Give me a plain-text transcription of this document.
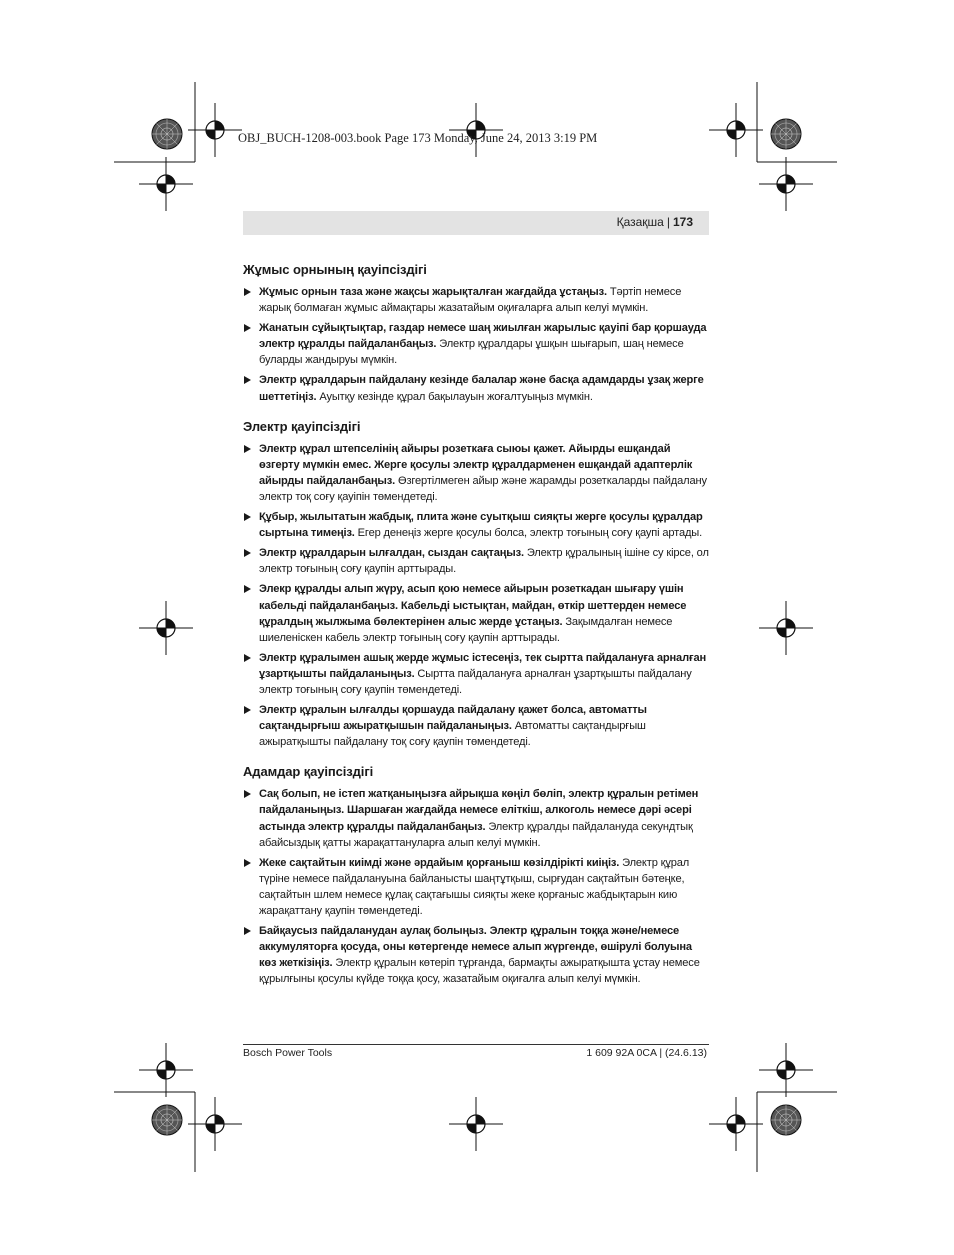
OBJ_BUCH-1208-003.book Page 173 Monday, June 24, 2013 3:19 PM
Қазақша | 173
Жұмыс орнының қауіпсіздігі
Жұмыс орнын таза және жақсы жарықталған жағдайда ұстаңыз. Тәртіп немесе жарық болмаған жұмыс аймақтары жазатайым оқиғаларға алып келуі мүмкін.
Жанатын сұйықтықтар, газдар немесе шаң жиылған жарылыс қауіпі бар қоршауда электр құралды пайдаланбаңыз. Электр құралдары ұшқын шығарып, шаң немесе буларды жандыруы мүмкін.
Электр құралдарын пайдалану кезінде балалар және басқа адамдарды ұзақ жерге шеттетіңіз. Ауытқу кезінде құрал бақылауын жоғалтуыңыз мүмкін.
Электр қауіпсіздігі
Электр құрал штепселінің айыры розеткаға сыюы қажет. Айырды ешқандай өзгерту мүмкін емес. Жерге қосулы электр құралдарменен ешқандай адаптерлік айырды пайдаланбаңыз. Өзгертілмеген айыр және жарамды розеткаларды пайдалану электр тоқ соғу қауіпін төмендетеді.
Құбыр, жылытатын жабдық, плита және суытқыш сияқты жерге қосулы құралдар сыртына тимеңіз. Егер денеңіз жерге қосулы болса, электр тоғының соғу қаупі артады.
Электр құралдарын ылғалдан, сыздан сақтаңыз. Электр құралының ішіне су кірсе, ол электр тоғының соғу қаупін арттырады.
Элекр құралды алып жүру, асып қою немесе айырын розеткадан шығару үшін кабельді пайдаланбаңыз. Кабельді ыстықтан, майдан, өткір шеттерден немесе құралдың жылжыма бөлектерінен алыс жерде ұстаңыз. Зақымдалған немесе шиеленіскен кабель электр тоғының соғу қаупін арттырады.
Электр құралымен ашық жерде жұмыс істесеңіз, тек сыртта пайдалануға арналған ұзартқышты пайдаланыңыз. Сыртта пайдалануға арналған ұзартқышты пайдалану электр тоғының соғу қаупін төмендетеді.
Электр құралын ылғалды қоршауда пайдалану қажет болса, автоматты сақтандырғыш ажыратқышын пайдаланыңыз. Автоматты сақтандырғыш ажыратқышты пайдалану тоқ соғу қаупін төмендетеді.
Адамдар қауіпсіздігі
Сақ болып, не істеп жатқаныңызға айрықша көңіл бөліп, электр құралын ретімен пайдаланыңыз. Шаршаған жағдайда немесе еліткіш, алкоголь немесе дәрі әсері астында электр құралды пайдаланбаңыз. Электр құралды пайдалануда секундтық абайсыздық қатты жарақаттануларға алып келуі мүмкін.
Жеке сақтайтын киімді және әрдайым қорғаныш көзілдірікті киіңіз. Электр құрал түріне немесе пайдалануына байланысты шаңтұтқыш, сырғудан сақтайтын бәтеңке, сақтайтын шлем немесе құлақ сақтағышы сияқты жеке қорғаныс жабдықтарын кию жарақаттану қаупін төмендетеді.
Байқаусыз пайдаланудан аулақ болыңыз. Электр құралын тоққа және/немесе аккумуляторға қосуда, оны көтергенде немесе алып жүргенде, өшірулі болуына көз жеткізіңіз. Электр құралын көтеріп тұрғанда, бармақты ажыратқышта ұстау немесе құрылғыны қосулы күйде тоққа қосу, жазатайым оқиғалға алып келуі мүмкін.
Bosch Power Tools	1 609 92A 0CA | (24.6.13)
